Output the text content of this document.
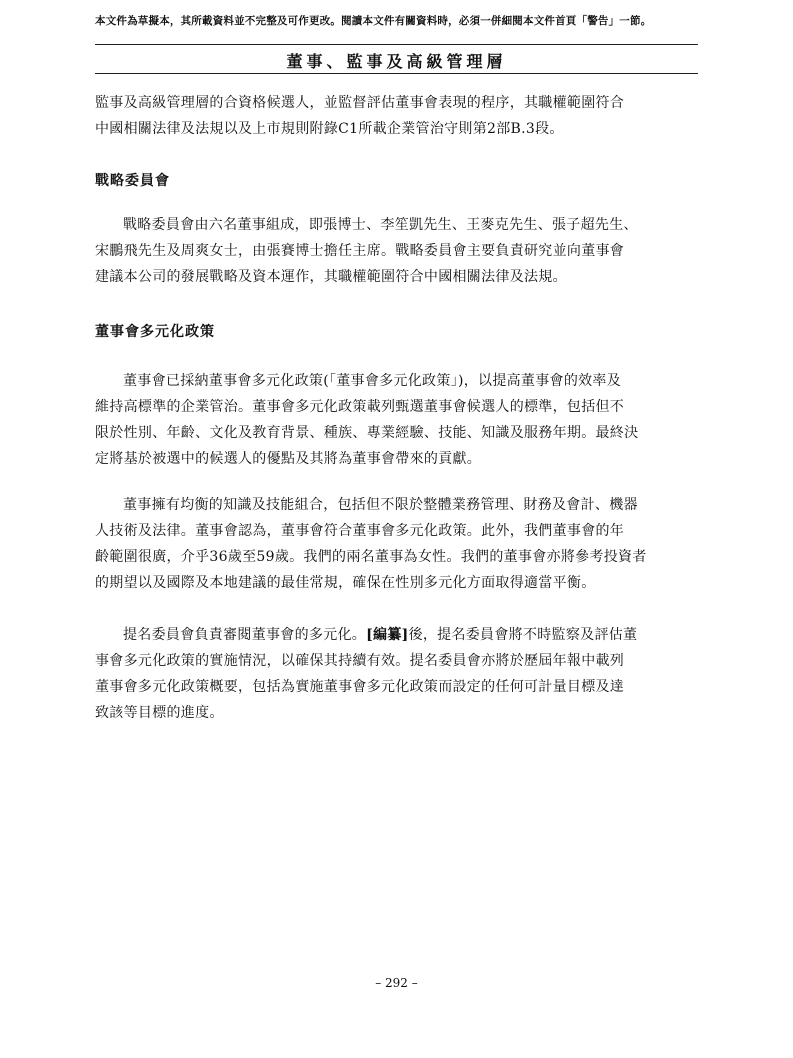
本文件為草擬本，其所載資料並不完整及可作更改。閱讀本文件有關資料時，必須一併細閱本文件首頁「警告」一節。
董事、監事及高級管理層
監事及高級管理層的合資格候選人，並監督評估董事會表現的程序，其職權範圍符合
中國相關法律及法規以及上市規則附錄C1所載企業管治守則第2部B.3段。
戰略委員會
戰略委員會由六名董事組成，即張博士、李笙凱先生、王麥克先生、張子超先生、
宋鵬飛先生及周爽女士，由張賽博士擔任主席。戰略委員會主要負責研究並向董事會
建議本公司的發展戰略及資本運作，其職權範圍符合中國相關法律及法規。
董事會多元化政策
董事會已採納董事會多元化政策(「董事會多元化政策」)，以提高董事會的效率及
維持高標準的企業管治。董事會多元化政策載列甄選董事會候選人的標準，包括但不
限於性別、年齡、文化及教育背景、種族、專業經驗、技能、知識及服務年期。最終決
定將基於被選中的候選人的優點及其將為董事會帶來的貢獻。
董事擁有均衡的知識及技能組合，包括但不限於整體業務管理、財務及會計、機器
人技術及法律。董事會認為，董事會符合董事會多元化政策。此外，我們董事會的年
齡範圍很廣，介乎36歲至59歲。我們的兩名董事為女性。我們的董事會亦將參考投資者
的期望以及國際及本地建議的最佳常規，確保在性別多元化方面取得適當平衡。
提名委員會負責審閱董事會的多元化。[編纂]後，提名委員會將不時監察及評估董
事會多元化政策的實施情況，以確保其持續有效。提名委員會亦將於歷屆年報中載列
董事會多元化政策概要，包括為實施董事會多元化政策而設定的任何可計量目標及達
致該等目標的進度。
– 292 –
